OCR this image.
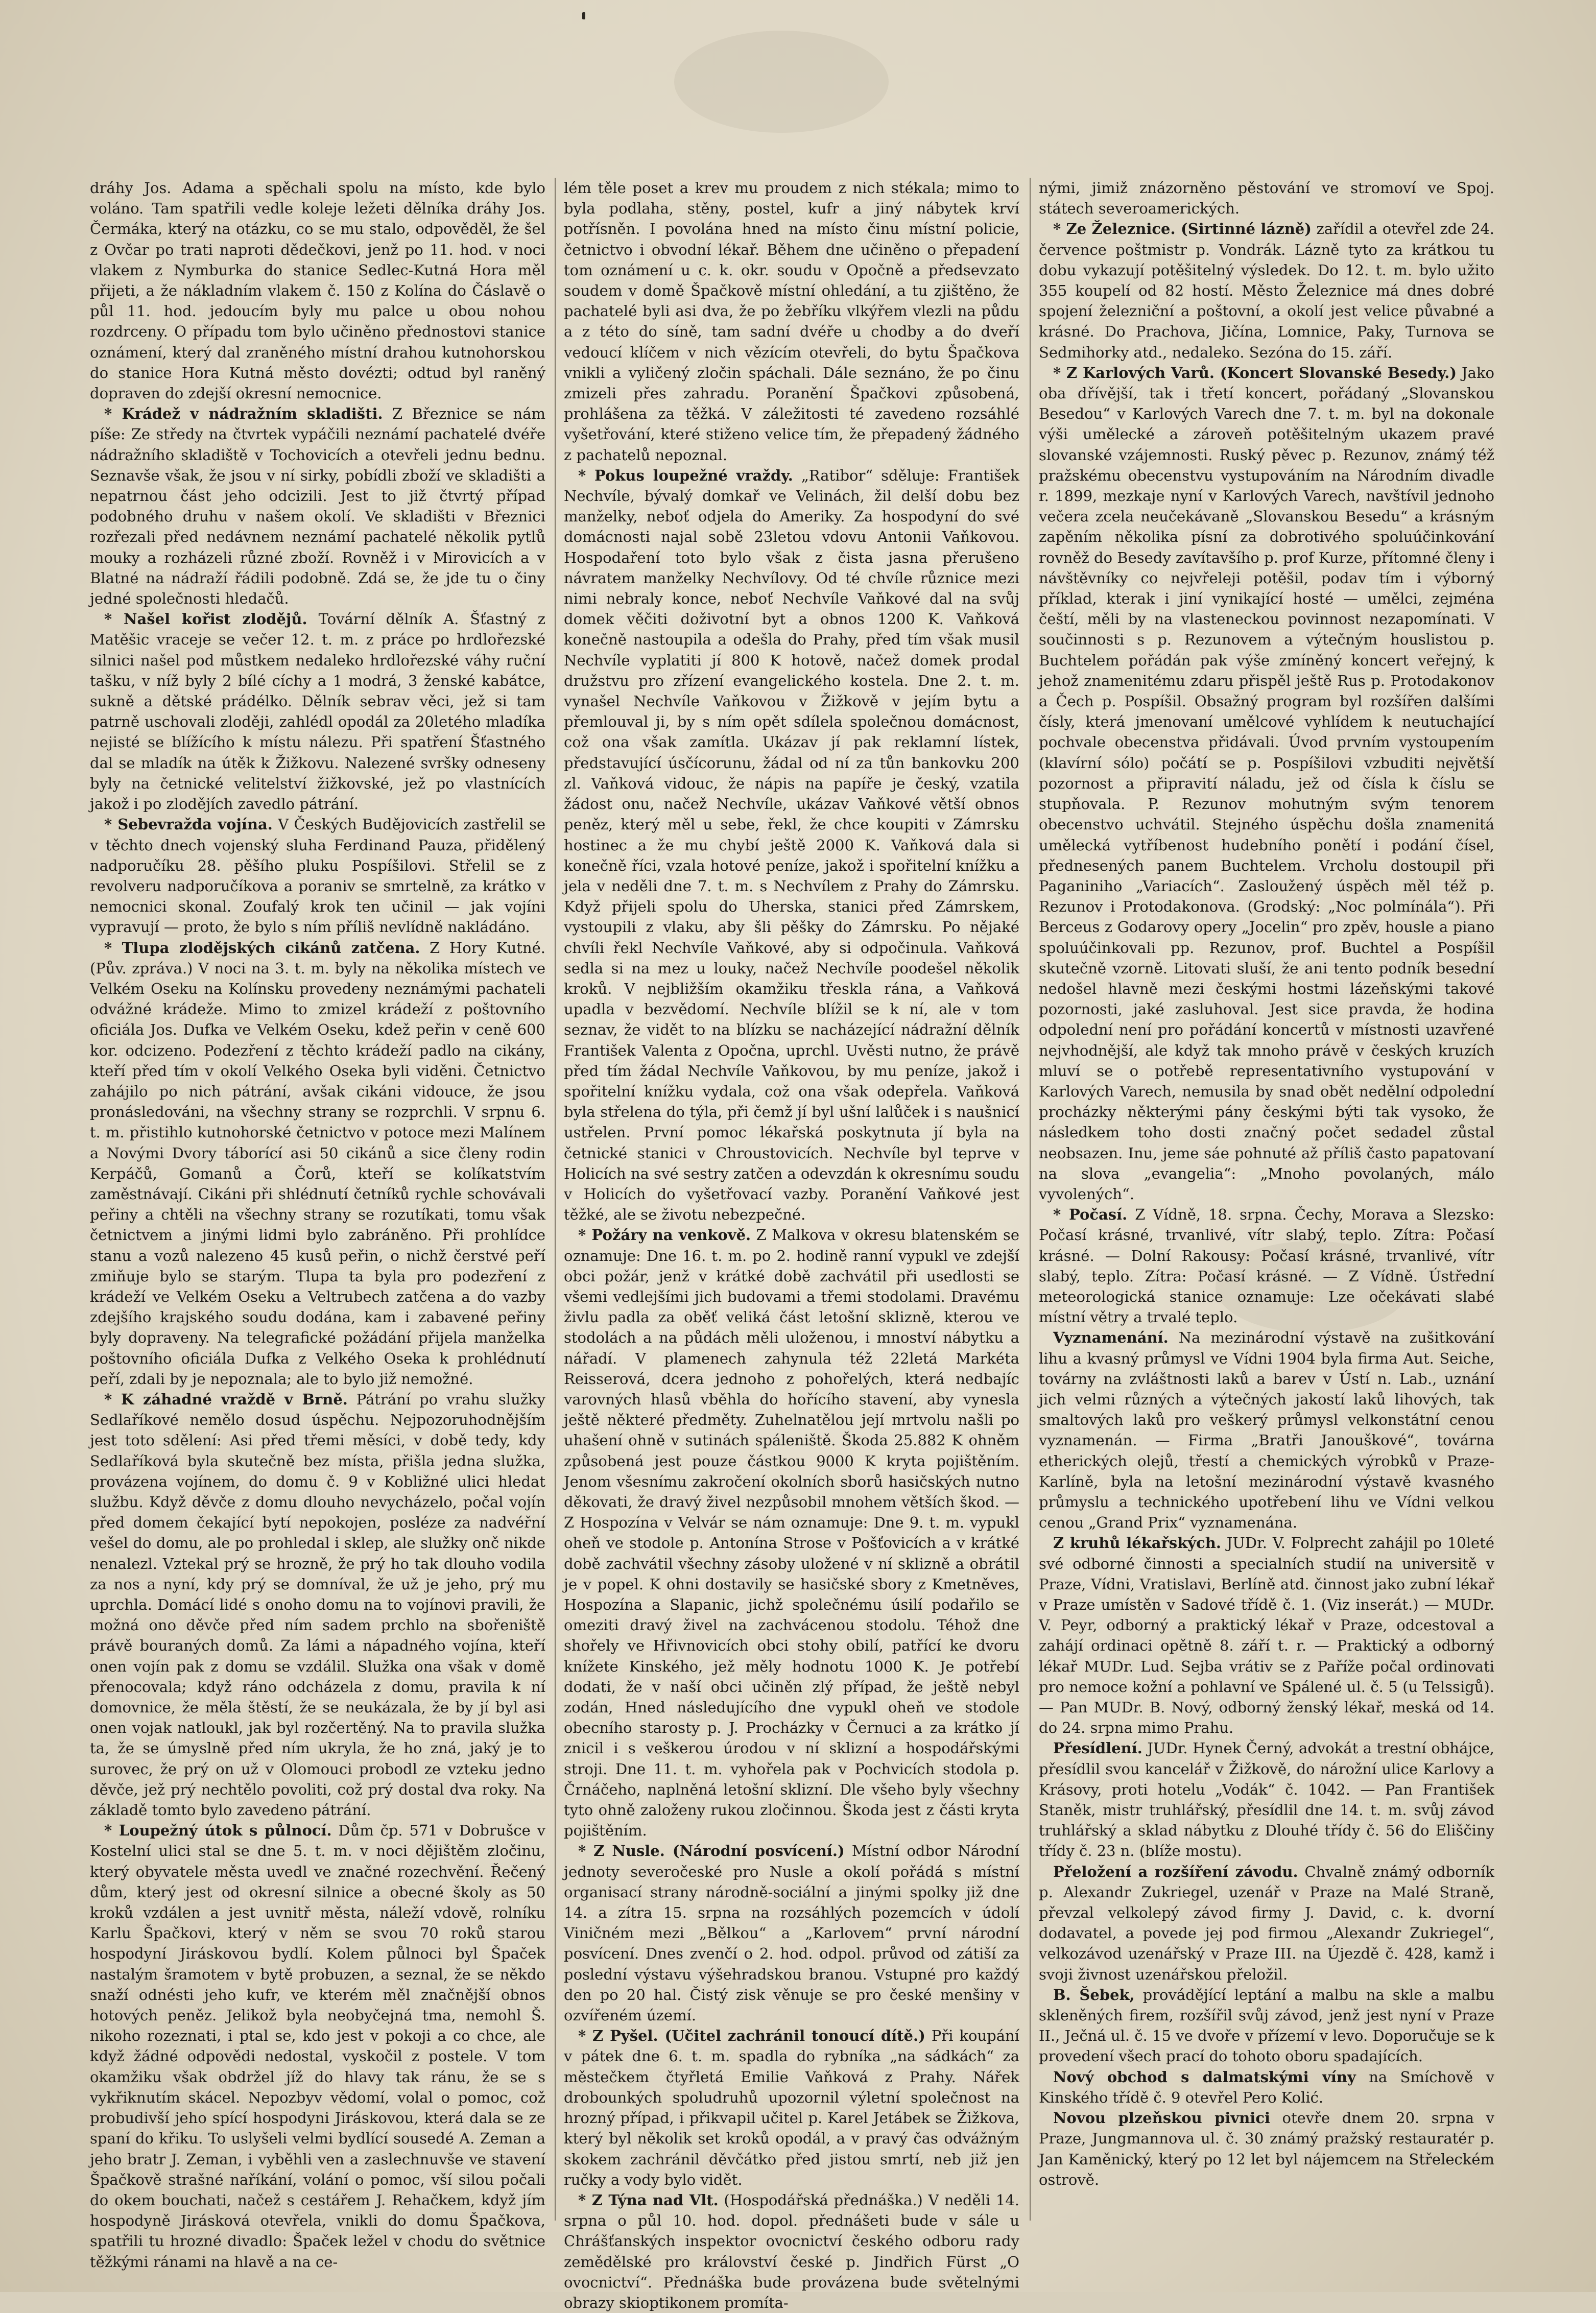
dráhy Jos. Adama a spěchali spolu na místo, kde bylo voláno. Tam spatřili vedle koleje ležeti dělníka dráhy Jos. Čermáka, který na otázku, co se mu stalo, odpověděl, že šel z Ovčar po trati naproti dědečkovi, jenž po 11. hod. v noci vlakem z Nymburka do stanice Sedlec-Kutná Hora měl přijeti, a že nákladním vlakem č. 150 z Kolína do Čáslavě o půl 11. hod. jedoucím byly mu palce u obou nohou rozdrceny. O případu tom bylo učiněno přednostovi stanice oznámení, který dal zraněného místní drahou kutnohorskou do stanice Hora Kutná město dovézti; odtud byl raněný dopraven do zdejší okresní nemocnice.

* Krádež v nádražním skladišti. Z Březnice se nám píše: Ze středy na čtvrtek vypáčili neznámí pachatelé dvéře nádražního skladiště v Tochovicích a otevřeli jednu bednu. Seznavše však, že jsou v ní sirky, pobídli zboží ve skladišti a nepatrnou část jeho odcizili. Jest to již čtvrtý případ podobného druhu v našem okolí. Ve skladišti v Březnici rozřezali před nedávnem neznámí pachatelé několik pytlů mouky a rozházeli různé zboží. Rovněž i v Mirovicích a v Blatné na nádraží řádili podobně. Zdá se, že jde tu o činy jedné společnosti hledačů.

* Našel kořist zlodějů. Tovární dělník A. Šťastný z Matěšic vraceje se večer 12. t. m. z práce po hrdlořezské silnici našel pod můstkem nedaleko hrdlořezské váhy ruční tašku, v níž byly 2 bílé cíchy a 1 modrá, 3 ženské kabátce, sukně a dětské prádélko. Dělník sebrav věci, jež si tam patrně uschovali zloději, zahlédl opodál za 20letého mladíka nejisté se blížícího k místu nálezu. Při spatření Šťastného dal se mladík na útěk k Žižkovu. Nalezené svršky odneseny byly na četnické velitelství žižkovské, jež po vlastnících jakož i po zlodějích zavedlo pátrání.

* Sebevražda vojína. V Českých Budějovicích zastřelil se v těchto dnech vojenský sluha Ferdinand Pauza, přidělený nadporučíku 28. pěšího pluku Pospíšilovi. Střelil se z revolveru nadporučíkova a poraniv se smrtelně, za krátko v nemocnici skonal. Zoufalý krok ten učinil — jak vojíni vypravují — proto, že bylo s ním příliš nevlídně nakládáno.

* Tlupa zlodějských cikánů zatčena. Z Hory Kutné. (Pův. zpráva.) V noci na 3. t. m. byly na několika místech ve Velkém Oseku na Kolínsku provedeny neznámými pachateli odvážné krádeže. Mimo to zmizel krádeží z poštovního oficiála Jos. Dufka ve Velkém Oseku, kdež peřin v ceně 600 kor. odcizeno. Podezření z těchto krádeží padlo na cikány, kteří před tím v okolí Velkého Oseka byli viděni. Četnictvo zahájilo po nich pátrání, avšak cikáni vidouce, že jsou pronásledováni, na všechny strany se rozprchli. V srpnu 6. t. m. přistihlo kutnohorské četnictvo v potoce mezi Malínem a Novými Dvory táborící asi 50 cikánů a sice členy rodin Kerpáčů, Gomanů a Čorů, kteří se kolíkatstvím zaměstnávají. Cikáni při shlédnutí četníků rychle schovávali peřiny a chtěli na všechny strany se rozutíkati, tomu však četnictvem a jinými lidmi bylo zabráněno. Při prohlídce stanu a vozů nalezeno 45 kusů peřin, o nichž čerstvé peří zmiňuje bylo se starým. Tlupa ta byla pro podezření z krádeží ve Velkém Oseku a Veltrubech zatčena a do vazby zdejšího krajského soudu dodána, kam i zabavené peřiny byly dopraveny. Na telegrafické požádání přijela manželka poštovního oficiála Dufka z Velkého Oseka k prohlédnutí peří, zdali by je nepoznala; ale to bylo již nemožné.

* K záhadné vraždě v Brně. Pátrání po vrahu služky Sedlaříkové nemělo dosud úspěchu. Nejpozoruhodnějším jest toto sdělení: Asi před třemi měsíci, v době tedy, kdy Sedlaříková byla skutečně bez místa, přišla jedna služka, provázena vojínem, do domu č. 9 v Kobližné ulici hledat službu. Když děvče z domu dlouho nevycházelo, počal vojín před domem čekající bytí nepokojen, posléze za nadvéřní vešel do domu, ale po prohledal i sklep, ale služky onč nikde nenalezl. Vztekal prý se hrozně, že prý ho tak dlouho vodila za nos a nyní, kdy prý se domníval, že už je jeho, prý mu uprchla. Domácí lidé s onoho domu na to vojínovi pravili, že možná ono děvče před ním sadem prchlo na sbořeniště právě bouraných domů. Za lámi a nápadného vojína, kteří onen vojín pak z domu se vzdálil. Služka ona však v domě přenocovala; když ráno odcházela z domu, pravila k ní domovnice, že měla štěstí, že se neukázala, že by jí byl asi onen vojak natloukl, jak byl rozčertěný. Na to pravila služka ta, že se úmyslně před ním ukryla, že ho zná, jaký je to surovec, že prý on už v Olomouci probodl ze vzteku jedno děvče, jež prý nechtělo povoliti, což prý dostal dva roky. Na základě tomto bylo zavedeno pátrání.

* Loupežný útok s půlnocí. Dům čp. 571 v Dobrušce v Kostelní ulici stal se dne 5. t. m. v noci dějištěm zločinu, který obyvatele města uvedl ve značné rozechvění. Řečený dům, který jest od okresní silnice a obecné školy as 50 kroků vzdálen a jest uvnitř města, náleží vdově, rolníku Karlu Špačkovi, který v něm se svou 70 roků starou hospodyní Jiráskovou bydlí. Kolem půlnoci byl Špaček nastalým šramotem v bytě probuzen, a seznal, že se někdo snaží odnésti jeho kufr, ve kterém měl značnější obnos hotových peněz. Jelikož byla neobyčejná tma, nemohl Š. nikoho rozeznati, i ptal se, kdo jest v pokoji a co chce, ale když žádné odpovědi nedostal, vyskočil z postele. V tom okamžiku však obdržel jíž do hlavy tak ránu, že se s vykřiknutím skácel. Nepozbyv vědomí, volal o pomoc, což probudivší jeho spící hospodyni Jiráskovou, která dala se ze spaní do křiku. To uslyšeli velmi bydlící sousedé A. Zeman a jeho bratr J. Zeman, i vyběhli ven a zaslechnuvše ve stavení Špačkově strašné naříkání, volání o pomoc, vší silou počali do okem bouchati, načež s cestářem J. Rehačkem, když jím hospodyně Jirásková otevřela, vnikli do domu Špačkova, spatřili tu hrozné divadlo: Špaček ležel v chodu do světnice těžkými ránami na hlavě a na ce-

lém těle poset a krev mu proudem z nich stékala; mimo to byla podlaha, stěny, postel, kufr a jiný nábytek krví potřísněn. I povolána hned na místo činu místní policie, četnictvo i obvodní lékař. Během dne učiněno o přepadení tom oznámení u c. k. okr. soudu v Opočně a předsevzato soudem v domě Špačkově místní ohledání, a tu zjištěno, že pachatelé byli asi dva, že po žebříku vlkýřem vlezli na půdu a z této do síně, tam sadní dvéře u chodby a do dveří vedoucí klíčem v nich vězícím otevřeli, do bytu Špačkova vnikli a vyličený zločin spáchali. Dále seznáno, že po činu zmizeli přes zahradu. Poranění Špačkovi způsobená, prohlášena za těžká. V záležitosti té zavedeno rozsáhlé vyšetřování, které stiženo velice tím, že přepadený žádného z pachatelů nepoznal.

* Pokus loupežné vraždy. „Ratibor“ sděluje: František Nechvíle, bývalý domkař ve Velinách, žil delší dobu bez manželky, neboť odjela do Ameriky. Za hospodyní do své domácnosti najal sobě 23letou vdovu Antonii Vaňkovou. Hospodaření toto bylo však z čista jasna přerušeno návratem manželky Nechvílovy. Od té chvíle různice mezi nimi nebraly konce, neboť Nechvíle Vaňkové dal na svůj domek věčiti doživotní byt a obnos 1200 K. Vaňková konečně nastoupila a odešla do Prahy, před tím však musil Nechvíle vyplatiti jí 800 K hotově, načež domek prodal družstvu pro zřízení evangelického kostela. Dne 2. t. m. vynašel Nechvíle Vaňkovou v Žižkově v jejím bytu a přemlouval ji, by s ním opět sdílela společnou domácnost, což ona však zamítla. Ukázav jí pak reklamní lístek, představující úsčícorunu, žádal od ní za tůn bankovku 200 zl. Vaňková vidouc, že nápis na papíře je český, vzatila žádost onu, načež Nechvíle, ukázav Vaňkové větší obnos peněz, který měl u sebe, řekl, že chce koupiti v Zámrsku hostinec a že mu chybí ještě 2000 K. Vaňková dala si konečně říci, vzala hotové peníze, jakož i spořitelní knížku a jela v neděli dne 7. t. m. s Nechvílem z Prahy do Zámrsku. Když přijeli spolu do Uherska, stanici před Zámrskem, vystoupili z vlaku, aby šli pěšky do Zámrsku. Po nějaké chvíli řekl Nechvíle Vaňkové, aby si odpočinula. Vaňková sedla si na mez u louky, načež Nechvíle poodešel několik kroků. V nejbližším okamžiku třeskla rána, a Vaňková upadla v bezvědomí. Nechvíle blížil se k ní, ale v tom seznav, že vidět to na blízku se nacházející nádražní dělník František Valenta z Opočna, uprchl. Uvěsti nutno, že právě před tím žádal Nechvíle Vaňkovou, by mu peníze, jakož i spořitelní knížku vydala, což ona však odepřela. Vaňková byla střelena do týla, při čemž jí byl ušní lalůček i s naušnicí ustřelen. První pomoc lékařská poskytnuta jí byla na četnické stanici v Chroustovicích. Nechvíle byl teprve v Holicích na své sestry zatčen a odevzdán k okresnímu soudu v Holicích do vyšetřovací vazby. Poranění Vaňkové jest těžké, ale se životu nebezpečné.

* Požáry na venkově. Z Malkova v okresu blatenském se oznamuje: Dne 16. t. m. po 2. hodině ranní vypukl ve zdejší obci požár, jenž v krátké době zachvátil při usedlosti se všemi vedlejšími jich budovami a třemi stodolami. Dravému živlu padla za oběť veliká část letošní sklizně, kterou ve stodolách a na půdách měli uloženou, i mnoství nábytku a nářadí. V plamenech zahynula též 22letá Markéta Reisserová, dcera jednoho z pohořelých, která nedbajíc varovných hlasů vběhla do hořícího stavení, aby vynesla ještě některé předměty. Zuhelnatělou její mrtvolu našli po uhašení ohně v sutinách spáleniště. Škoda 25.882 K ohněm způsobená jest pouze částkou 9000 K kryta pojištěním. Jenom všesnímu zakročení okolních sborů hasičských nutno děkovati, že dravý živel nezpůsobil mnohem větších škod. — Z Hospozína v Velvár se nám oznamuje: Dne 9. t. m. vypukl oheň ve stodole p. Antonína Strose v Pošťovicích a v krátké době zachvátil všechny zásoby uložené v ní sklizně a obrátil je v popel. K ohni dostavily se hasičské sbory z Kmetněves, Hospozína a Slapanic, jichž společnému úsilí podařilo se omeziti dravý živel na zachvácenou stodolu. Téhož dne shořely ve Hřivnovicích obci stohy obilí, patřící ke dvoru knížete Kinského, jež měly hodnotu 1000 K. Je potřebí dodati, že v naší obci učiněn zlý případ, že ještě nebyl zodán, Hned následujícího dne vypukl oheň ve stodole obecního starosty p. J. Procházky v Černuci a za krátko jí znicil i s veškerou úrodou v ní sklizní a hospodářskými stroji. Dne 11. t. m. vyhořela pak v Pochvicích stodola p. Črnáčeho, naplněná letošní sklizní. Dle všeho byly všechny tyto ohně založeny rukou zločinnou. Škoda jest z části kryta pojištěním.

* Z Nusle. (Národní posvícení.) Místní odbor Národní jednoty severočeské pro Nusle a okolí pořádá s místní organisací strany národně-sociální a jinými spolky již dne 14. a zítra 15. srpna na rozsáhlých pozemcích v údolí Viničném mezi „Bělkou“ a „Karlovem“ první národní posvícení. Dnes zvenčí o 2. hod. odpol. průvod od zátiší za poslední výstavu výšehradskou branou. Vstupné pro každý den po 20 hal. Čistý zisk věnuje se pro české menšiny v ozvířeném území.

* Z Pyšel. (Učitel zachránil tonoucí dítě.) Při koupání v pátek dne 6. t. m. spadla do rybníka „na sádkách“ za městečkem čtyřletá Emilie Vaňková z Prahy. Nářek drobounkých spoludruhů upozornil výletní společnost na hrozný případ, i přikvapil učitel p. Karel Jetábek se Žižkova, který byl několik set kroků opodál, a v pravý čas odvážným skokem zachránil děvčátko před jistou smrtí, neb již jen ručky a vody bylo vidět.

* Z Týna nad Vlt. (Hospodářská přednáška.) V neděli 14. srpna o půl 10. hod. dopol. přednášeti bude v sále u Chrášťanských inspektor ovocnictví českého odboru rady zemědělské pro království české p. Jindřich Fürst „O ovocnictví“. Přednáška bude provázena bude světelnými obrazy skioptikonem promíta-

nými, jimiž znázorněno pěstování ve stromoví ve Spoj. státech severoamerických.

* Ze Železnice. (Sirtinné lázně) zařídil a otevřel zde 24. července poštmistr p. Vondrák. Lázně tyto za krátkou tu dobu vykazují potěšitelný výsledek. Do 12. t. m. bylo užito 355 koupelí od 82 hostí. Město Železnice má dnes dobré spojení železniční a poštovní, a okolí jest velice půvabné a krásné. Do Prachova, Jičína, Lomnice, Paky, Turnova se Sedmihorky atd., nedaleko. Sezóna do 15. září.

* Z Karlových Varů. (Koncert Slovanské Besedy.) Jako oba dřívější, tak i třetí koncert, pořádaný „Slovanskou Besedou“ v Karlových Varech dne 7. t. m. byl na dokonale výši umělecké a zároveň potěšitelným ukazem pravé slovanské vzájemnosti. Ruský pěvec p. Rezunov, známý též pražskému obecenstvu vystupováním na Národním divadle r. 1899, mezkaje nyní v Karlových Varech, navštívil jednoho večera zcela neučekávaně „Slovanskou Besedu“ a krásným zapěním několika písní za dobrotivého spoluúčinkování rovněž do Besedy zavítavšího p. prof Kurze, přítomné členy i návštěvníky co nejvřeleji potěšil, podav tím i výborný příklad, kterak i jiní vynikající hosté — umělci, zejména čeští, měli by na vlasteneckou povinnost nezapomínati. V součinnosti s p. Rezunovem a výtečným houslistou p. Buchtelem pořádán pak výše zmíněný koncert veřejný, k jehož znamenitému zdaru přispěl ještě Rus p. Protodakonov a Čech p. Pospíšil. Obsažný program byl rozšířen dalšími čísly, která jmenovaní umělcové vyhlídem k neutuchající pochvale obecenstva přidávali. Úvod prvním vystoupením (klavírní sólo) počátí se p. Pospíšilovi vzbuditi největší pozornost a připravití náladu, jež od čísla k číslu se stupňovala. P. Rezunov mohutným svým tenorem obecenstvo uchvátil. Stejného úspěchu došla znamenitá umělecká vytříbenost hudebního ponětí i podání čísel, přednesených panem Buchtelem. Vrcholu dostoupil při Paganiniho „Variacích“. Zasloužený úspěch měl též p. Rezunov i Protodakonova. (Grodský: „Noc polmínála“). Při Berceus z Godarovy opery „Jocelin“ pro zpěv, housle a piano spoluúčinkovali pp. Rezunov, prof. Buchtel a Pospíšil skutečně vzorně. Litovati sluší, že ani tento podník besední nedošel hlavně mezi českými hostmi lázeňskými takové pozornosti, jaké zasluhoval. Jest sice pravda, že hodina odpolední není pro pořádání koncertů v místnosti uzavřené nejvhodnější, ale když tak mnoho právě v českých kruzích mluví se o potřebě representativního vystupování v Karlových Varech, nemusila by snad obět nedělní odpolední procházky některými pány českými býti tak vysoko, že následkem toho dosti značný počet sedadel zůstal neobsazen. Inu, jeme sáe pohnuté až příliš často papatovaní na slova „evangelia“: „Mnoho povolaných, málo vyvolených“.

* Počasí. Z Vídně, 18. srpna. Čechy, Morava a Slezsko: Počasí krásné, trvanlivé, vítr slabý, teplo. Zítra: Počasí krásné. — Dolní Rakousy: Počasí krásné, trvanlivé, vítr slabý, teplo. Zítra: Počasí krásné. — Z Vídně. Ústřední meteorologická stanice oznamuje: Lze očekávati slabé místní větry a trvalé teplo.

Vyznamenání. Na mezinárodní výstavě na zušitkování lihu a kvasný průmysl ve Vídni 1904 byla firma Aut. Seiche, továrny na zvláštnosti laků a barev v Ústí n. Lab., uznání jich velmi různých a výtečných jakostí laků lihových, tak smaltových laků pro veškerý průmysl velkonstátní cenou vyznamenán. — Firma „Bratři Janouškové“, továrna etherických olejů, třestí a chemických výrobků v Praze-Karlíně, byla na letošní mezinárodní výstavě kvasného průmyslu a technického upotřebení lihu ve Vídni velkou cenou „Grand Prix“ vyznamenána.

Z kruhů lékařských. JUDr. V. Folprecht zahájil po 10leté své odborné činnosti a specialních studií na universitě v Praze, Vídni, Vratislavi, Berlíně atd. činnost jako zubní lékař v Praze umístěn v Sadové třídě č. 1. (Viz inserát.) — MUDr. V. Peyr, odborný a praktický lékař v Praze, odcestoval a zahájí ordinaci opětně 8. září t. r. — Praktický a odborný lékař MUDr. Lud. Sejba vrátiv se z Paříže počal ordinovati pro nemoce kožní a pohlavní ve Spálené ul. č. 5 (u Telssigů). — Pan MUDr. B. Nový, odborný ženský lékař, meská od 14. do 24. srpna mimo Prahu.

Přesídlení. JUDr. Hynek Černý, advokát a trestní obhájce, přesídlil svou kancelář v Žižkově, do nárožní ulice Karlovy a Krásovy, proti hotelu „Vodák“ č. 1042. — Pan František Staněk, mistr truhlářský, přesídlil dne 14. t. m. svůj závod truhlářský a sklad nábytku z Dlouhé třídy č. 56 do Eliščiny třídy č. 23 n. (blíže mostu).

Přeložení a rozšíření závodu. Chvalně známý odborník p. Alexandr Zukriegel, uzenář v Praze na Malé Straně, převzal velkolepý závod firmy J. David, c. k. dvorní dodavatel, a povede jej pod firmou „Alexandr Zukriegel“, velkozávod uzenářský v Praze III. na Újezdě č. 428, kamž i svoji živnost uzenářskou přeložil.

B. Šebek, provádějící leptání a malbu na skle a malbu skleněných firem, rozšířil svůj závod, jenž jest nyní v Praze II., Ječná ul. č. 15 ve dvoře v přízemí v levo. Doporučuje se k provedení všech prací do tohoto oboru spadajících.

Nový obchod s dalmatskými víny na Smíchově v Kinského třídě č. 9 otevřel Pero Kolić.

Novou plzeňskou pivnici otevře dnem 20. srpna v Praze, Jungmannova ul. č. 30 známý pražský restauratér p. Jan Kaměnický, který po 12 let byl nájemcem na Střeleckém ostrově.
